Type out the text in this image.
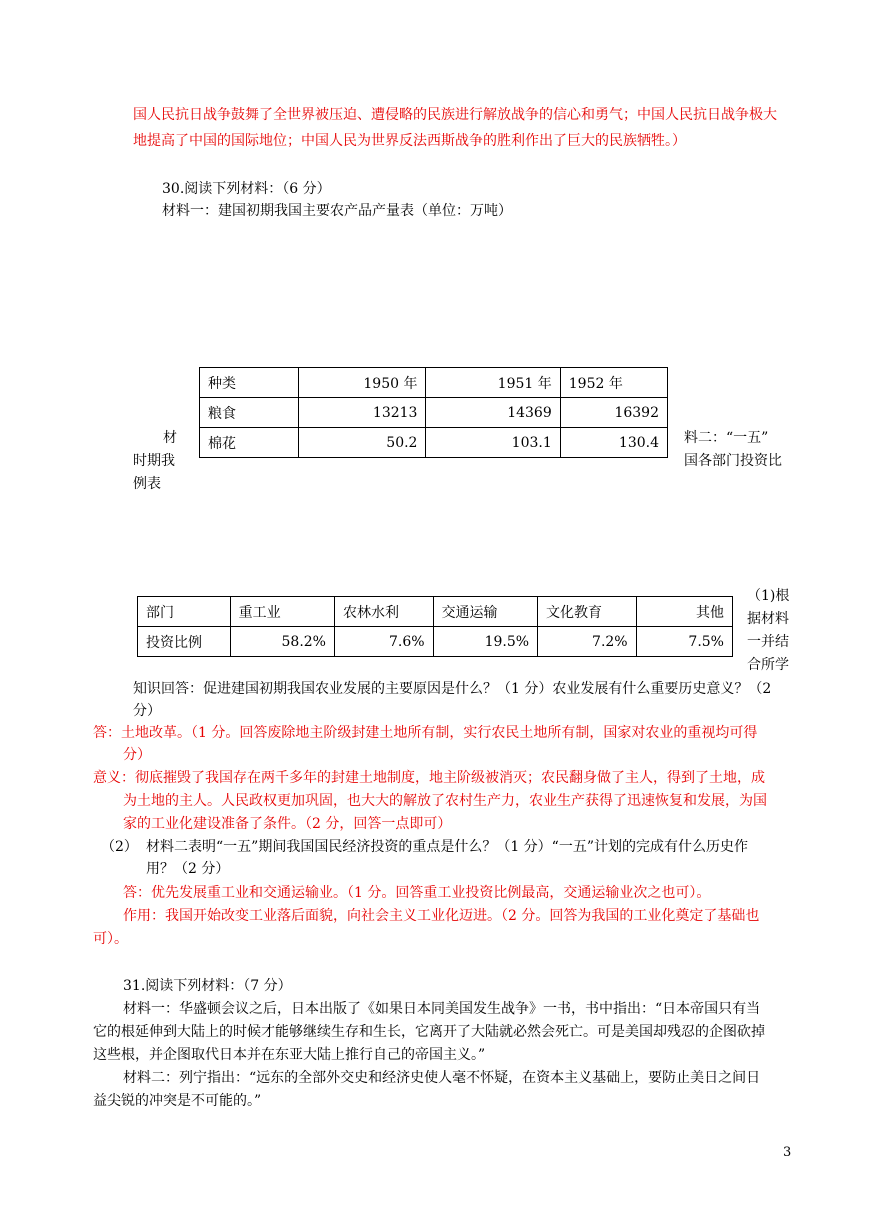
国人民抗日战争鼓舞了全世界被压迫、遭侵略的民族进行解放战争的信心和勇气；中国人民抗日战争极大
地提高了中国的国际地位；中国人民为世界反法西斯战争的胜利作出了巨大的民族牺牲。）
30.阅读下列材料：（6 分）
材料一：建国初期我国主要农产品产量表（单位：万吨）
种类	1950 年	1951 年	1952 年
粮食	13213	14369	16392
棉花	50.2	103.1	130.4
材
时期我
例表
料二：“一五”
国各部门投资比
部门	重工业	农林水利	交通运输	文化教育	其他
投资比例	58.2%	7.6%	19.5%	7.2%	7.5%
（1)根
据材料
一并结
合所学
知识回答：促进建国初期我国农业发展的主要原因是什么？（1 分）农业发展有什么重要历史意义？（2
分）
答：土地改革。（1 分。回答废除地主阶级封建土地所有制，实行农民土地所有制，国家对农业的重视均可得
分）
意义：彻底摧毁了我国存在两千多年的封建土地制度，地主阶级被消灭；农民翻身做了主人，得到了土地，成
为土地的主人。人民政权更加巩固，也大大的解放了农村生产力，农业生产获得了迅速恢复和发展，为国
家的工业化建设准备了条件。（2 分，回答一点即可）
（2） 材料二表明“一五”期间我国国民经济投资的重点是什么？（1 分）“一五”计划的完成有什么历史作
用？（2 分）
答：优先发展重工业和交通运输业。（1 分。回答重工业投资比例最高，交通运输业次之也可）。
作用：我国开始改变工业落后面貌，向社会主义工业化迈进。（2 分。回答为我国的工业化奠定了基础也
可）。
31.阅读下列材料：（7 分）
材料一：华盛顿会议之后，日本出版了《如果日本同美国发生战争》一书，书中指出：“日本帝国只有当
它的根延伸到大陆上的时候才能够继续生存和生长，它离开了大陆就必然会死亡。可是美国却残忍的企图砍掉
这些根，并企图取代日本并在东亚大陆上推行自己的帝国主义。”
材料二：列宁指出：“远东的全部外交史和经济史使人毫不怀疑，在资本主义基础上，要防止美日之间日
益尖锐的冲突是不可能的。”
3
